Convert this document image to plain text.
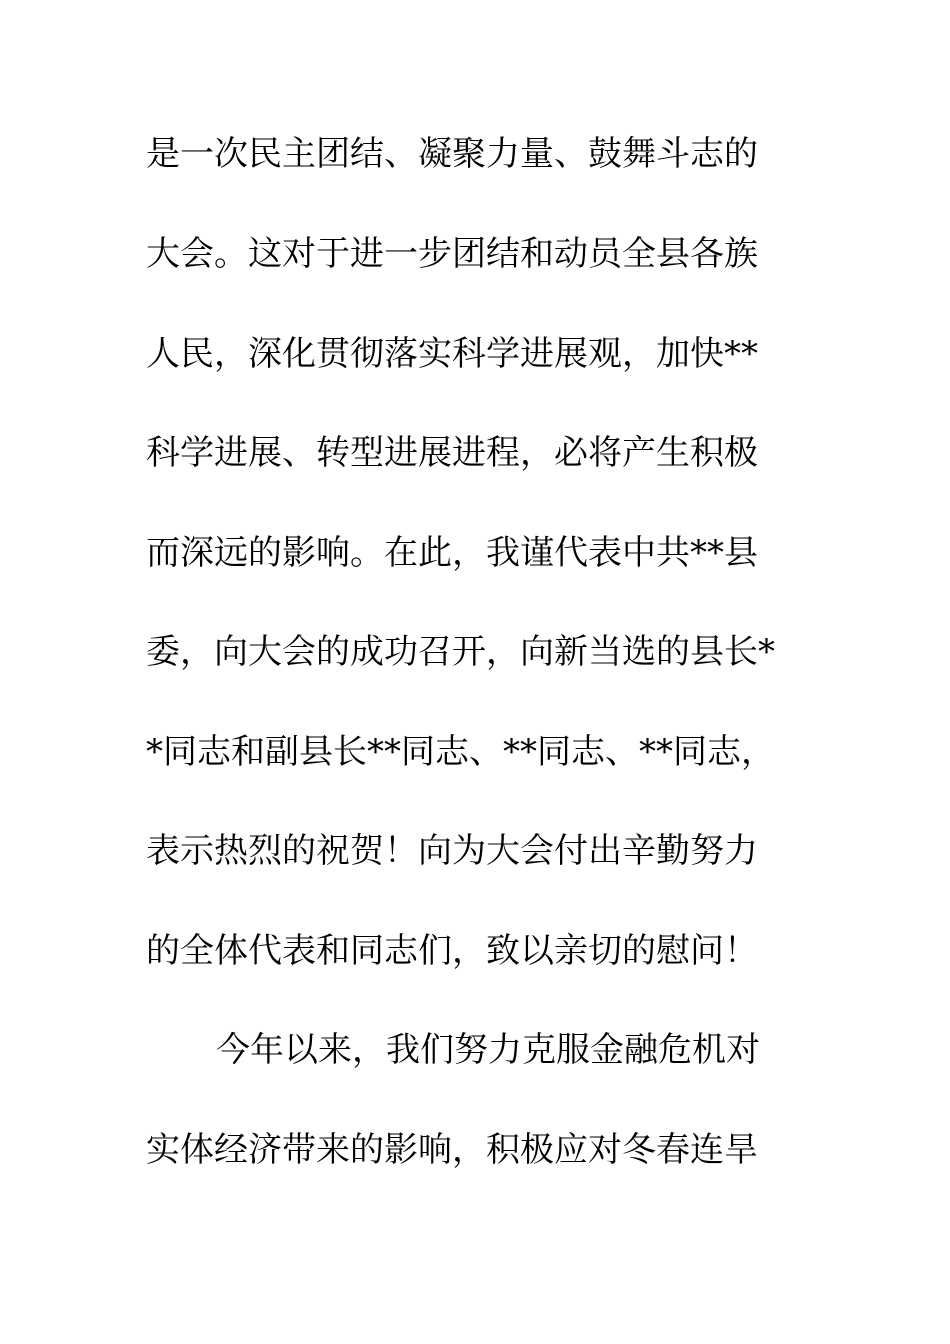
是一次民主团结、凝聚力量、鼓舞斗志的
大会。这对于进一步团结和动员全县各族
人民，深化贯彻落实科学进展观，加快**
科学进展、转型进展进程，必将产生积极
而深远的影响。在此，我谨代表中共**县
委，向大会的成功召开，向新当选的县长*
*同志和副县长**同志、**同志、**同志，
表示热烈的祝贺！向为大会付出辛勤努力
的全体代表和同志们，致以亲切的慰问！
今年以来，我们努力克服金融危机对
实体经济带来的影响，积极应对冬春连旱
